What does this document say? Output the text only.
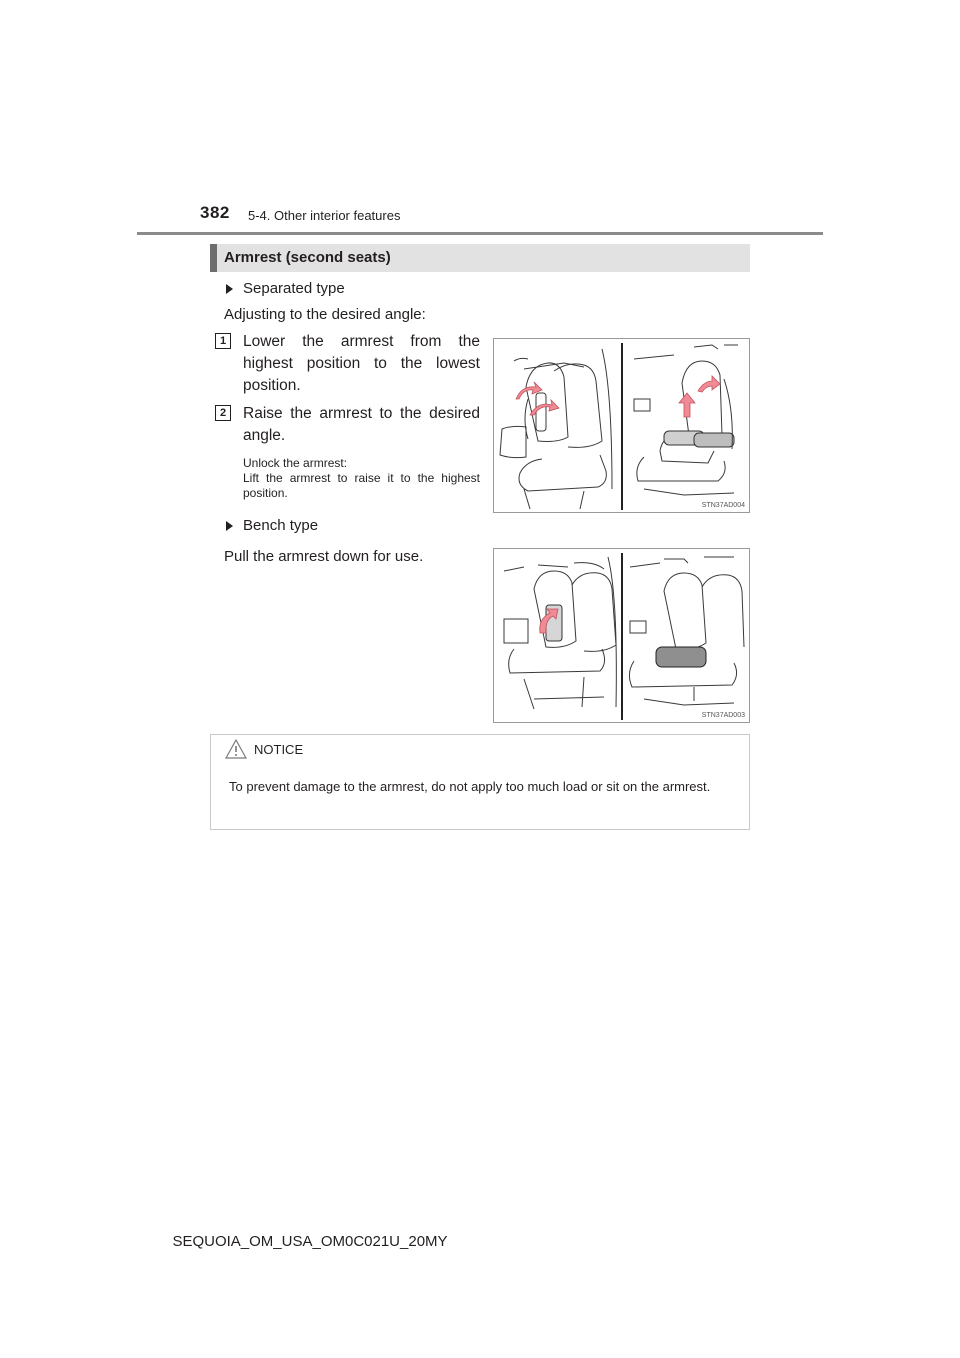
382 5-4. Other interior features
Armrest (second seats)
Separated type
Adjusting to the desired angle:
1	Lower the armrest from the highest position to the lowest position.
2	Raise the armrest to the desired angle.
Unlock the armrest:
Lift the armrest to raise it to the highest position.
STN37AD004
Bench type
Pull the armrest down for use.
STN37AD003
NOTICE
To prevent damage to the armrest, do not apply too much load or sit on the armrest.
SEQUOIA_OM_USA_OM0C021U_20MY
